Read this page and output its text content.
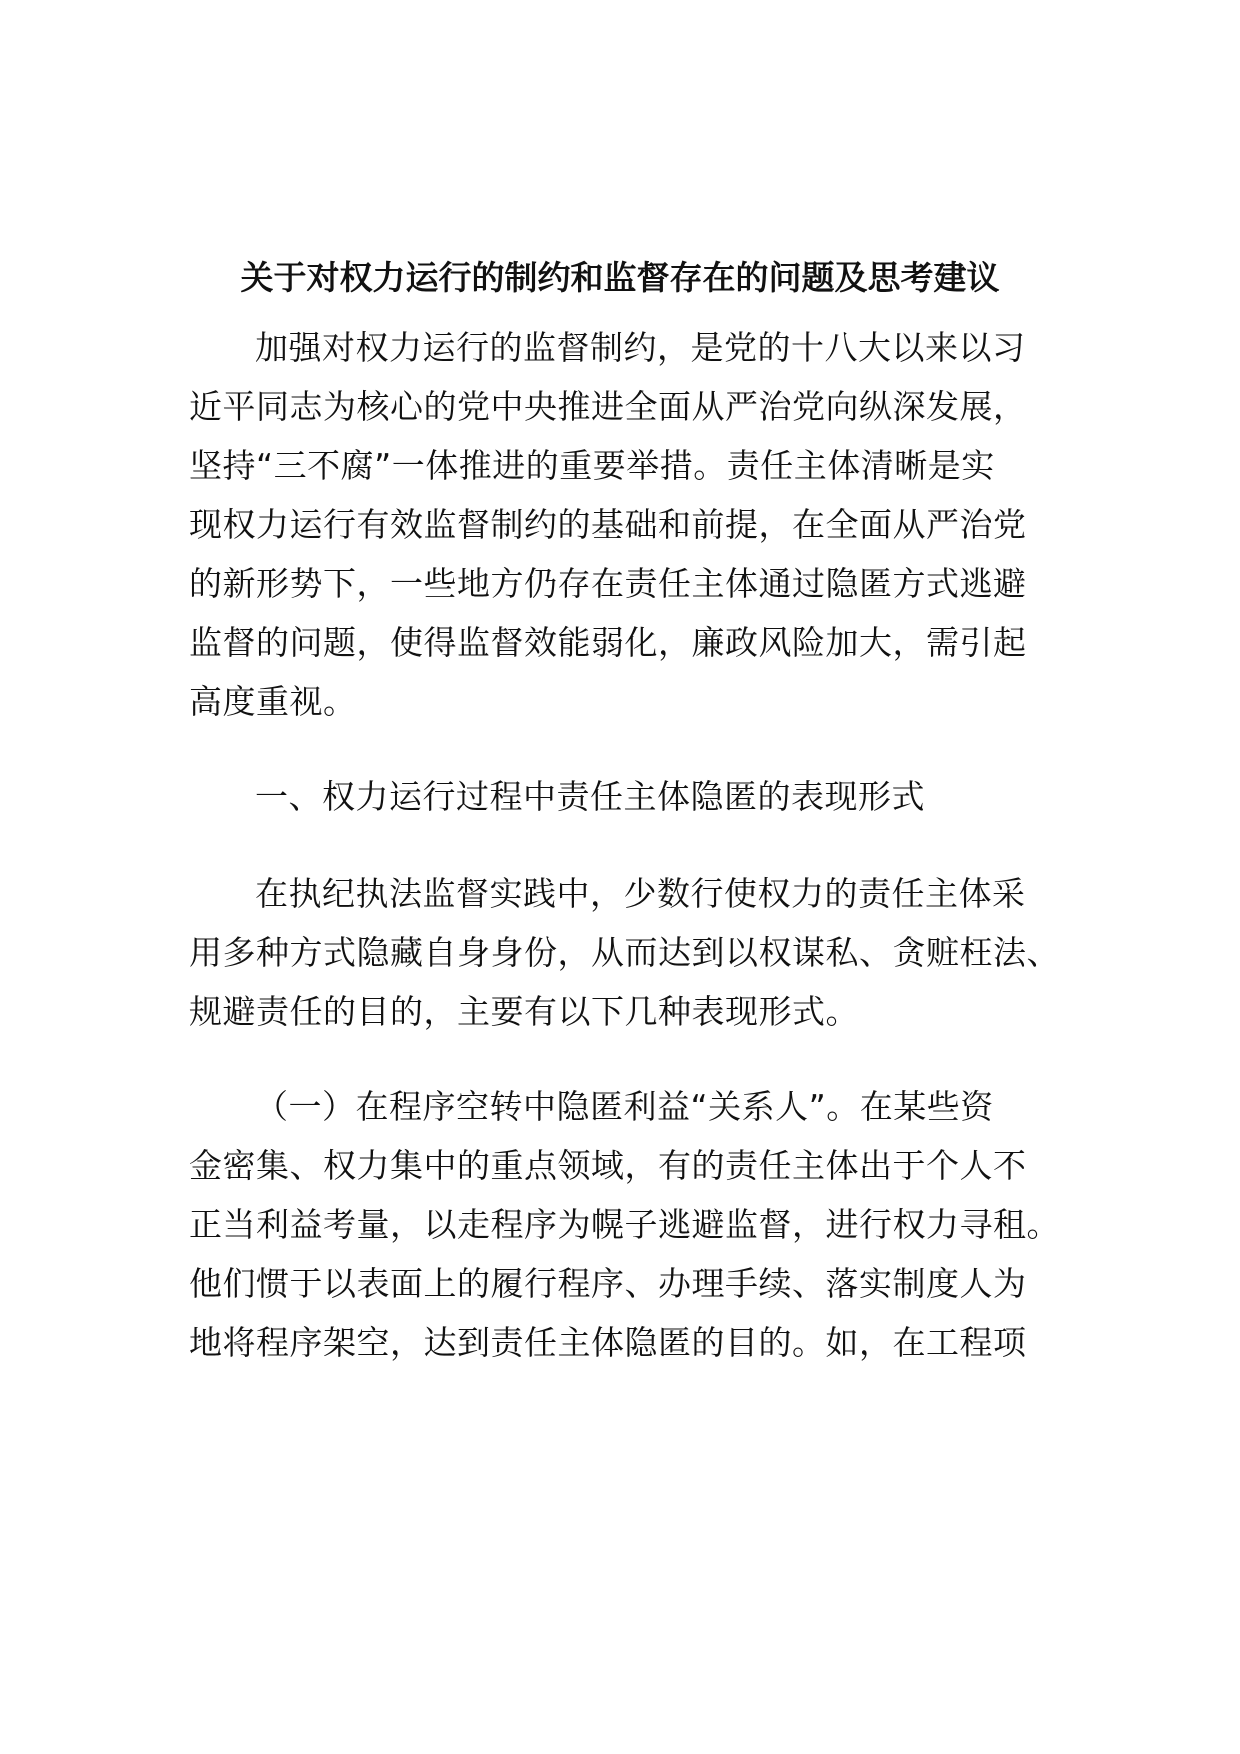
关于对权力运行的制约和监督存在的问题及思考建议
加强对权力运行的监督制约，是党的十八大以来以习
近平同志为核心的党中央推进全面从严治党向纵深发展，
坚持“三不腐”一体推进的重要举措。责任主体清晰是实
现权力运行有效监督制约的基础和前提，在全面从严治党
的新形势下，一些地方仍存在责任主体通过隐匿方式逃避
监督的问题，使得监督效能弱化，廉政风险加大，需引起
高度重视。
一、权力运行过程中责任主体隐匿的表现形式
在执纪执法监督实践中，少数行使权力的责任主体采
用多种方式隐藏自身身份，从而达到以权谋私、贪赃枉法、
规避责任的目的，主要有以下几种表现形式。
（一）在程序空转中隐匿利益“关系人”。在某些资
金密集、权力集中的重点领域，有的责任主体出于个人不
正当利益考量，以走程序为幌子逃避监督，进行权力寻租。
他们惯于以表面上的履行程序、办理手续、落实制度人为
地将程序架空，达到责任主体隐匿的目的。如，在工程项
